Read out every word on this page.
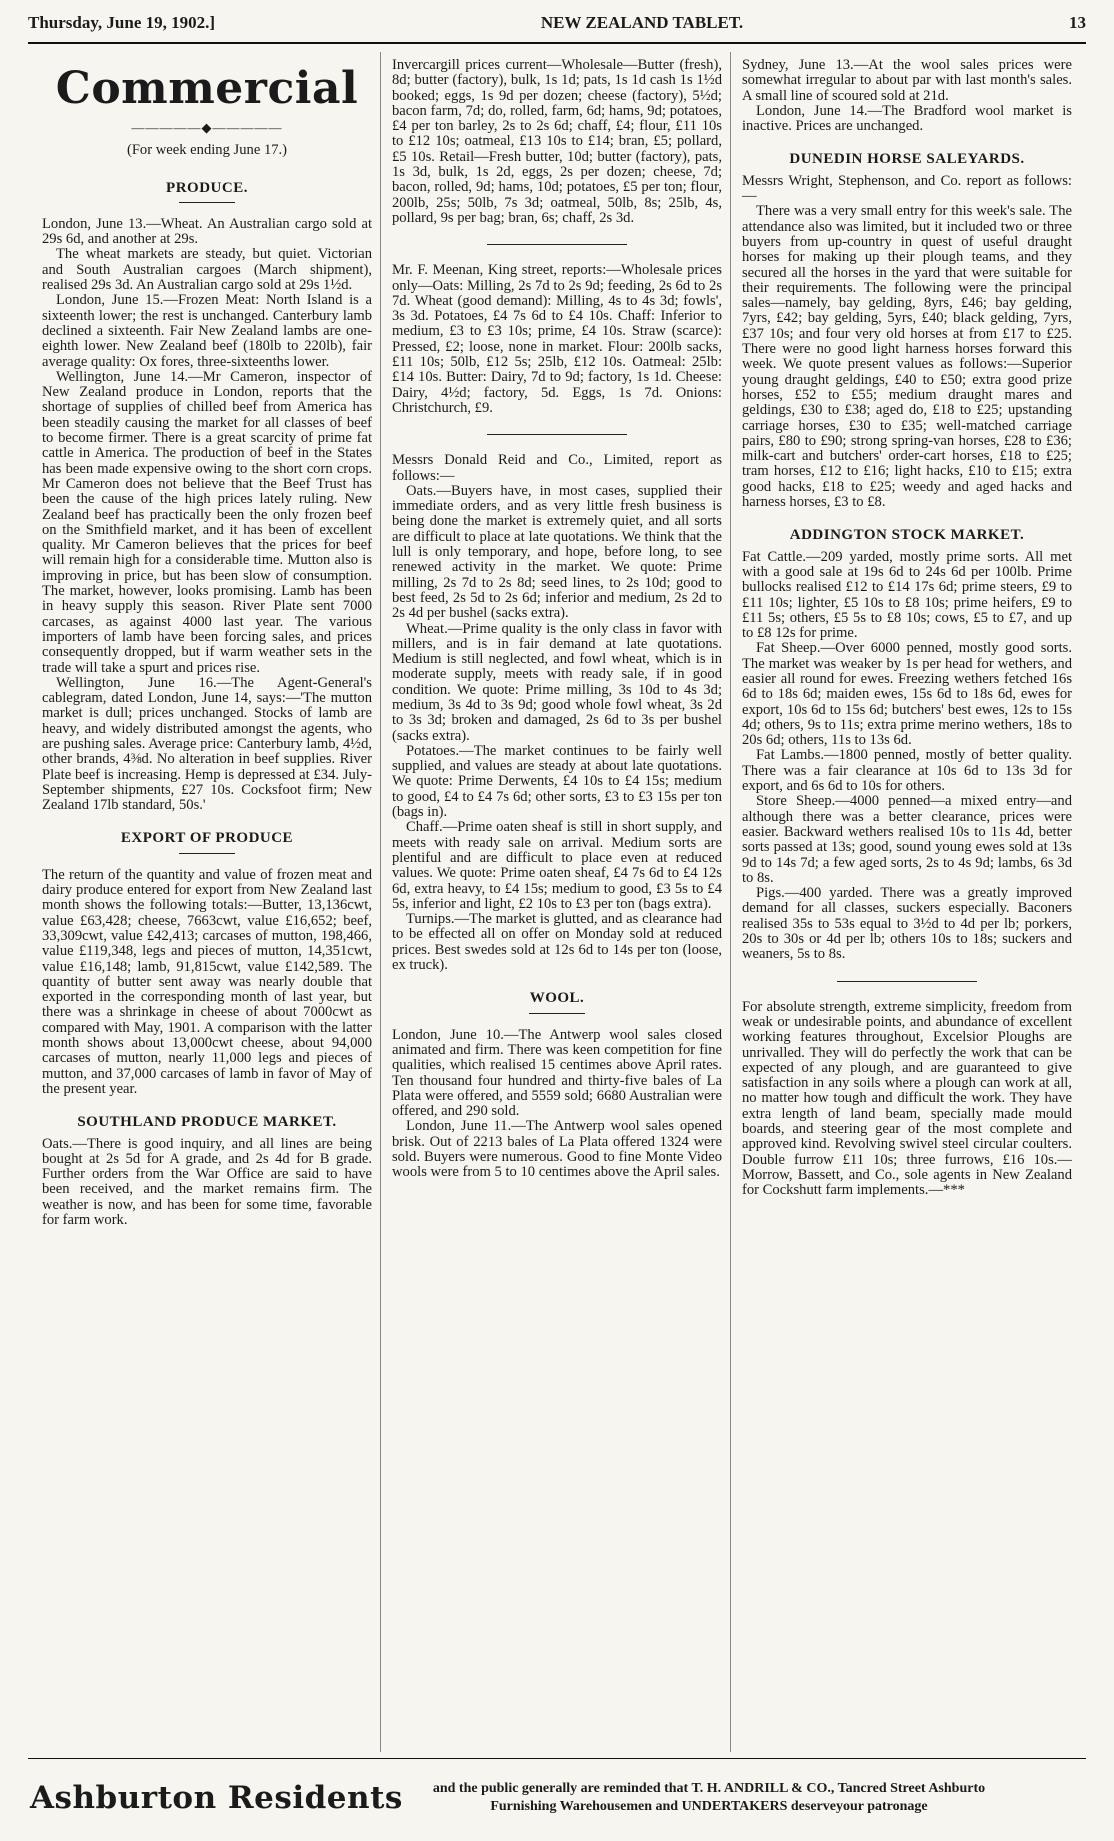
Thursday, June 19, 1902.]	NEW ZEALAND TABLET.	13
Commercial
—————◆—————
(For week ending June 17.)
PRODUCE.

London, June 13.—Wheat. An Australian cargo sold at 29s 6d, and another at 29s.

The wheat markets are steady, but quiet. Victorian and South Australian cargoes (March shipment), realised 29s 3d. An Australian cargo sold at 29s 1½d.

London, June 15.—Frozen Meat: North Island is a sixteenth lower; the rest is unchanged. Canterbury lamb declined a sixteenth. Fair New Zealand lambs are one-eighth lower. New Zealand beef (180lb to 220lb), fair average quality: Ox fores, three-sixteenths lower.

Wellington, June 14.—Mr Cameron, inspector of New Zealand produce in London, reports that the shortage of supplies of chilled beef from America has been steadily causing the market for all classes of beef to become firmer. There is a great scarcity of prime fat cattle in America. The production of beef in the States has been made expensive owing to the short corn crops. Mr Cameron does not believe that the Beef Trust has been the cause of the high prices lately ruling. New Zealand beef has practically been the only frozen beef on the Smithfield market, and it has been of excellent quality. Mr Cameron believes that the prices for beef will remain high for a considerable time. Mutton also is improving in price, but has been slow of consumption. The market, however, looks promising. Lamb has been in heavy supply this season. River Plate sent 7000 carcases, as against 4000 last year. The various importers of lamb have been forcing sales, and prices consequently dropped, but if warm weather sets in the trade will take a spurt and prices rise.

Wellington, June 16.—The Agent-General's cablegram, dated London, June 14, says:—'The mutton market is dull; prices unchanged. Stocks of lamb are heavy, and widely distributed amongst the agents, who are pushing sales. Average price: Canterbury lamb, 4½d, other brands, 4⅜d. No alteration in beef supplies. River Plate beef is increasing. Hemp is depressed at £34. July-September shipments, £27 10s. Cocksfoot firm; New Zealand 17lb standard, 50s.'

EXPORT OF PRODUCE

The return of the quantity and value of frozen meat and dairy produce entered for export from New Zealand last month shows the following totals:—Butter, 13,136cwt, value £63,428; cheese, 7663cwt, value £16,652; beef, 33,309cwt, value £42,413; carcases of mutton, 198,466, value £119,348, legs and pieces of mutton, 14,351cwt, value £16,148; lamb, 91,815cwt, value £142,589. The quantity of butter sent away was nearly double that exported in the corresponding month of last year, but there was a shrinkage in cheese of about 7000cwt as compared with May, 1901. A comparison with the latter month shows about 13,000cwt cheese, about 94,000 carcases of mutton, nearly 11,000 legs and pieces of mutton, and 37,000 carcases of lamb in favor of May of the present year.

SOUTHLAND PRODUCE MARKET.

Oats.—There is good inquiry, and all lines are being bought at 2s 5d for A grade, and 2s 4d for B grade. Further orders from the War Office are said to have been received, and the market remains firm. The weather is now, and has been for some time, favorable for farm work.

Invercargill prices current—Wholesale—Butter (fresh), 8d; butter (factory), bulk, 1s 1d; pats, 1s 1d cash 1s 1½d booked; eggs, 1s 9d per dozen; cheese (factory), 5½d; bacon farm, 7d; do, rolled, farm, 6d; hams, 9d; potatoes, £4 per ton barley, 2s to 2s 6d; chaff, £4; flour, £11 10s to £12 10s; oatmeal, £13 10s to £14; bran, £5; pollard, £5 10s. Retail—Fresh butter, 10d; butter (factory), pats, 1s 3d, bulk, 1s 2d, eggs, 2s per dozen; cheese, 7d; bacon, rolled, 9d; hams, 10d; potatoes, £5 per ton; flour, 200lb, 25s; 50lb, 7s 3d; oatmeal, 50lb, 8s; 25lb, 4s, pollard, 9s per bag; bran, 6s; chaff, 2s 3d.

Mr. F. Meenan, King street, reports:—Wholesale prices only—Oats: Milling, 2s 7d to 2s 9d; feeding, 2s 6d to 2s 7d. Wheat (good demand): Milling, 4s to 4s 3d; fowls', 3s 3d. Potatoes, £4 7s 6d to £4 10s. Chaff: Inferior to medium, £3 to £3 10s; prime, £4 10s. Straw (scarce): Pressed, £2; loose, none in market. Flour: 200lb sacks, £11 10s; 50lb, £12 5s; 25lb, £12 10s. Oatmeal: 25lb: £14 10s. Butter: Dairy, 7d to 9d; factory, 1s 1d. Cheese: Dairy, 4½d; factory, 5d. Eggs, 1s 7d. Onions: Christchurch, £9.

Messrs Donald Reid and Co., Limited, report as follows:—

Oats.—Buyers have, in most cases, supplied their immediate orders, and as very little fresh business is being done the market is extremely quiet, and all sorts are difficult to place at late quotations. We think that the lull is only temporary, and hope, before long, to see renewed activity in the market. We quote: Prime milling, 2s 7d to 2s 8d; seed lines, to 2s 10d; good to best feed, 2s 5d to 2s 6d; inferior and medium, 2s 2d to 2s 4d per bushel (sacks extra).

Wheat.—Prime quality is the only class in favor with millers, and is in fair demand at late quotations. Medium is still neglected, and fowl wheat, which is in moderate supply, meets with ready sale, if in good condition. We quote: Prime milling, 3s 10d to 4s 3d; medium, 3s 4d to 3s 9d; good whole fowl wheat, 3s 2d to 3s 3d; broken and damaged, 2s 6d to 3s per bushel (sacks extra).

Potatoes.—The market continues to be fairly well supplied, and values are steady at about late quotations. We quote: Prime Derwents, £4 10s to £4 15s; medium to good, £4 to £4 7s 6d; other sorts, £3 to £3 15s per ton (bags in).

Chaff.—Prime oaten sheaf is still in short supply, and meets with ready sale on arrival. Medium sorts are plentiful and are difficult to place even at reduced values. We quote: Prime oaten sheaf, £4 7s 6d to £4 12s 6d, extra heavy, to £4 15s; medium to good, £3 5s to £4 5s, inferior and light, £2 10s to £3 per ton (bags extra).

Turnips.—The market is glutted, and as clearance had to be effected all on offer on Monday sold at reduced prices. Best swedes sold at 12s 6d to 14s per ton (loose, ex truck).

WOOL.

London, June 10.—The Antwerp wool sales closed animated and firm. There was keen competition for fine qualities, which realised 15 centimes above April rates. Ten thousand four hundred and thirty-five bales of La Plata were offered, and 5559 sold; 6680 Australian were offered, and 290 sold.

London, June 11.—The Antwerp wool sales opened brisk. Out of 2213 bales of La Plata offered 1324 were sold. Buyers were numerous. Good to fine Monte Video wools were from 5 to 10 centimes above the April sales.

Sydney, June 13.—At the wool sales prices were somewhat irregular to about par with last month's sales. A small line of scoured sold at 21d.

London, June 14.—The Bradford wool market is inactive. Prices are unchanged.

DUNEDIN HORSE SALEYARDS.

Messrs Wright, Stephenson, and Co. report as follows:—

There was a very small entry for this week's sale. The attendance also was limited, but it included two or three buyers from up-country in quest of useful draught horses for making up their plough teams, and they secured all the horses in the yard that were suitable for their requirements. The following were the principal sales—namely, bay gelding, 8yrs, £46; bay gelding, 7yrs, £42; bay gelding, 5yrs, £40; black gelding, 7yrs, £37 10s; and four very old horses at from £17 to £25. There were no good light harness horses forward this week. We quote present values as follows:—Superior young draught geldings, £40 to £50; extra good prize horses, £52 to £55; medium draught mares and geldings, £30 to £38; aged do, £18 to £25; upstanding carriage horses, £30 to £35; well-matched carriage pairs, £80 to £90; strong spring-van horses, £28 to £36; milk-cart and butchers' order-cart horses, £18 to £25; tram horses, £12 to £16; light hacks, £10 to £15; extra good hacks, £18 to £25; weedy and aged hacks and harness horses, £3 to £8.

ADDINGTON STOCK MARKET.

Fat Cattle.—209 yarded, mostly prime sorts. All met with a good sale at 19s 6d to 24s 6d per 100lb. Prime bullocks realised £12 to £14 17s 6d; prime steers, £9 to £11 10s; lighter, £5 10s to £8 10s; prime heifers, £9 to £11 5s; others, £5 5s to £8 10s; cows, £5 to £7, and up to £8 12s for prime.

Fat Sheep.—Over 6000 penned, mostly good sorts. The market was weaker by 1s per head for wethers, and easier all round for ewes. Freezing wethers fetched 16s 6d to 18s 6d; maiden ewes, 15s 6d to 18s 6d, ewes for export, 10s 6d to 15s 6d; butchers' best ewes, 12s to 15s 4d; others, 9s to 11s; extra prime merino wethers, 18s to 20s 6d; others, 11s to 13s 6d.

Fat Lambs.—1800 penned, mostly of better quality. There was a fair clearance at 10s 6d to 13s 3d for export, and 6s 6d to 10s for others.

Store Sheep.—4000 penned—a mixed entry—and although there was a better clearance, prices were easier. Backward wethers realised 10s to 11s 4d, better sorts passed at 13s; good, sound young ewes sold at 13s 9d to 14s 7d; a few aged sorts, 2s to 4s 9d; lambs, 6s 3d to 8s.

Pigs.—400 yarded. There was a greatly improved demand for all classes, suckers especially. Baconers realised 35s to 53s equal to 3½d to 4d per lb; porkers, 20s to 30s or 4d per lb; others 10s to 18s; suckers and weaners, 5s to 8s.

For absolute strength, extreme simplicity, freedom from weak or undesirable points, and abundance of excellent working features throughout, Excelsior Ploughs are unrivalled. They will do perfectly the work that can be expected of any plough, and are guaranteed to give satisfaction in any soils where a plough can work at all, no matter how tough and difficult the work. They have extra length of land beam, specially made mould boards, and steering gear of the most complete and approved kind. Revolving swivel steel circular coulters. Double furrow £11 10s; three furrows, £16 10s.—Morrow, Bassett, and Co., sole agents in New Zealand for Cockshutt farm implements.—***

Ashburton Residents and the public generally are reminded that T. H. ANDRILL & CO., Tancred Street Ashburto
Furnishing Warehousemen and UNDERTAKERS deserveyour patronage
